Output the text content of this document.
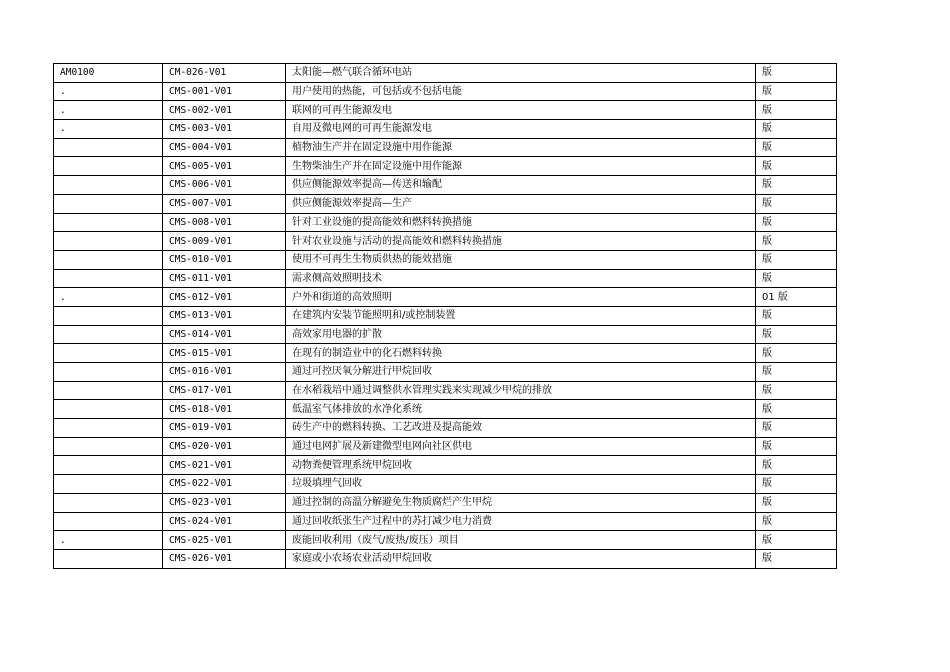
AM0100	CM-026-V01	太阳能—燃气联合循环电站	版
.	CMS-001-V01	用户使用的热能，可包括或不包括电能	版
.	CMS-002-V01	联网的可再生能源发电	版
.	CMS-003-V01	自用及微电网的可再生能源发电	版
	CMS-004-V01	植物油生产并在固定设施中用作能源	版
	CMS-005-V01	生物柴油生产并在固定设施中用作能源	版
	CMS-006-V01	供应侧能源效率提高—传送和输配	版
	CMS-007-V01	供应侧能源效率提高—生产	版
	CMS-008-V01	针对工业设施的提高能效和燃料转换措施	版
	CMS-009-V01	针对农业设施与活动的提高能效和燃料转换措施	版
	CMS-010-V01	使用不可再生生物质供热的能效措施	版
	CMS-011-V01	需求侧高效照明技术	版
.	CMS-012-V01	户外和街道的高效照明	01 版
	CMS-013-V01	在建筑内安装节能照明和/或控制装置	版
	CMS-014-V01	高效家用电器的扩散	版
	CMS-015-V01	在现有的制造业中的化石燃料转换	版
	CMS-016-V01	通过可控厌氧分解进行甲烷回收	版
	CMS-017-V01	在水稻栽培中通过调整供水管理实践来实现减少甲烷的排放	版
	CMS-018-V01	低温室气体排放的水净化系统	版
	CMS-019-V01	砖生产中的燃料转换、工艺改进及提高能效	版
	CMS-020-V01	通过电网扩展及新建微型电网向社区供电	版
	CMS-021-V01	动物粪便管理系统甲烷回收	版
	CMS-022-V01	垃圾填埋气回收	版
	CMS-023-V01	通过控制的高温分解避免生物质腐烂产生甲烷	版
	CMS-024-V01	通过回收纸张生产过程中的苏打减少电力消费	版
.	CMS-025-V01	废能回收利用（废气/废热/废压）项目	版
	CMS-026-V01	家庭或小农场农业活动甲烷回收	版
